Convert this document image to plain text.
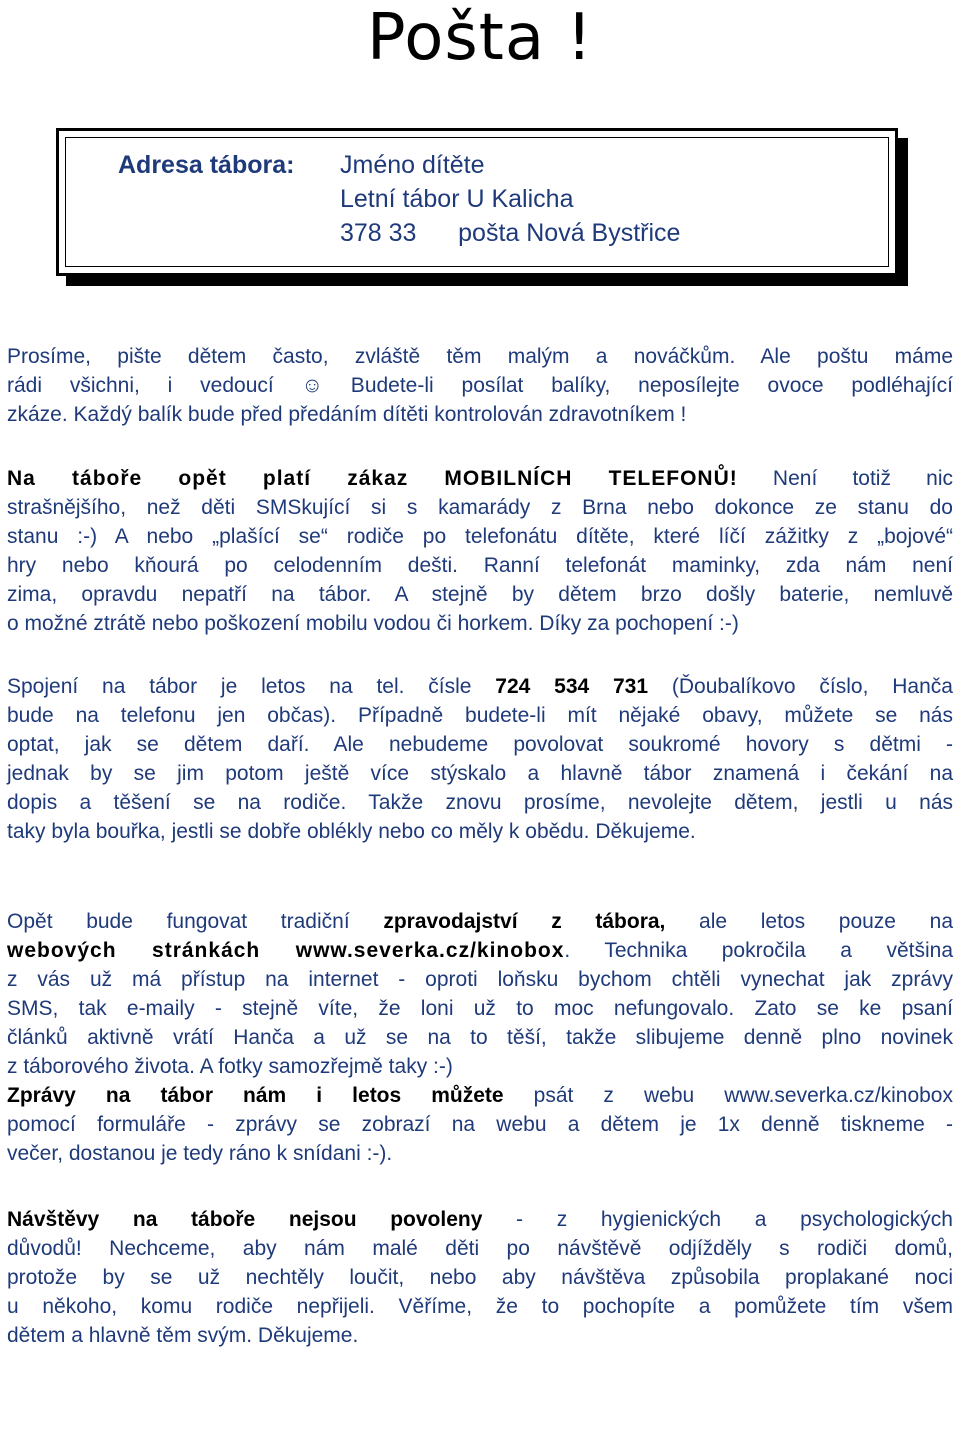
Pošta !
Adresa tábora: Jméno dítěte
Letní tábor U Kalicha
378 33      pošta Nová Bystřice
Prosíme, pište dětem často, zvláště těm malým a nováčkům. Ale poštu máme
rádi všichni, i vedoucí ☺ Budete-li posílat balíky, neposílejte ovoce podléhající
zkáze. Každý balík bude před předáním dítěti kontrolován zdravotníkem !
Na táboře opět platí zákaz MOBILNÍCH TELEFONŮ! Není totiž nic
strašnějšího, než děti SMSkující si s kamarády z Brna nebo dokonce ze stanu do
stanu :-) A nebo „plašící se“ rodiče po telefonátu dítěte, které líčí zážitky z „bojové“
hry nebo kňourá po celodenním dešti. Ranní telefonát maminky, zda nám není
zima, opravdu nepatří na tábor. A stejně by dětem brzo došly baterie, nemluvě
o možné ztrátě nebo poškození mobilu vodou či horkem. Díky za pochopení :-)
Spojení na tábor je letos na tel. čísle 724 534 731 (Ďoubalíkovo číslo, Hanča
bude na telefonu jen občas). Případně budete-li mít nějaké obavy, můžete se nás
optat, jak se dětem daří. Ale nebudeme povolovat soukromé hovory s dětmi -
jednak by se jim potom ještě více stýskalo a hlavně tábor znamená i čekání na
dopis a těšení se na rodiče. Takže znovu prosíme, nevolejte dětem, jestli u nás
taky byla bouřka, jestli se dobře oblékly nebo co měly k obědu. Děkujeme.
Opět bude fungovat tradiční zpravodajství z tábora, ale letos pouze na
webových stránkách www.severka.cz/kinobox. Technika pokročila a většina
z vás už má přístup na internet - oproti loňsku bychom chtěli vynechat jak zprávy
SMS, tak e-maily - stejně víte, že loni už to moc nefungovalo. Zato se ke psaní
článků aktivně vrátí Hanča a už se na to těší, takže slibujeme denně plno novinek
z táborového života. A fotky samozřejmě taky :-)
Zprávy na tábor nám i letos můžete psát z webu www.severka.cz/kinobox
pomocí formuláře - zprávy se zobrazí na webu a dětem je 1x denně tiskneme -
večer, dostanou je tedy ráno k snídani :-).
Návštěvy na táboře nejsou povoleny - z hygienických a psychologických
důvodů! Nechceme, aby nám malé děti po návštěvě odjížděly s rodiči domů,
protože by se už nechtěly loučit, nebo aby návštěva způsobila proplakané noci
u někoho, komu rodiče nepřijeli. Věříme, že to pochopíte a pomůžete tím všem
dětem a hlavně těm svým. Děkujeme.
